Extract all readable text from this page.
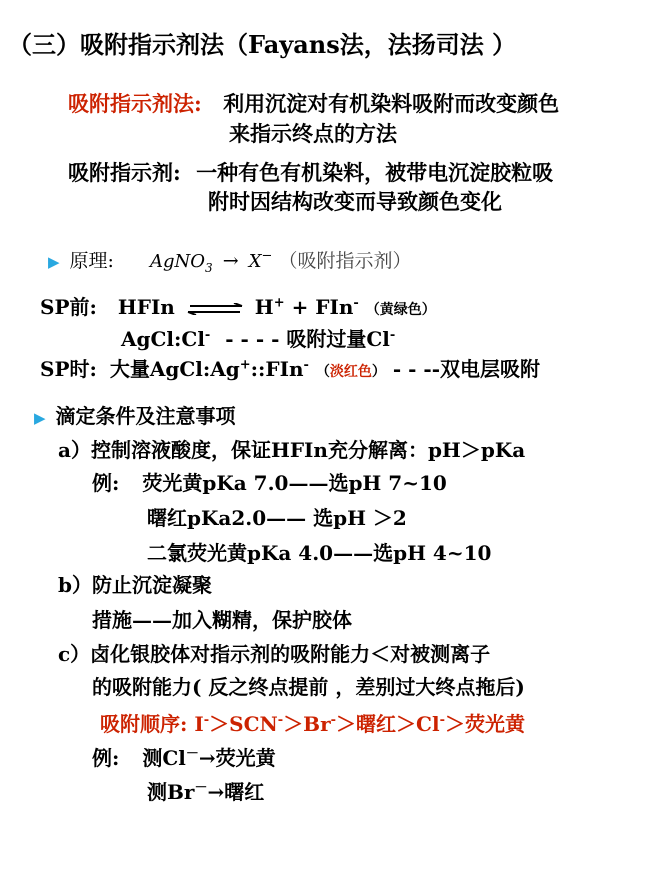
（三）吸附指示剂法（Fayans法，法扬司法 ）
吸附指示剂法: 利用沉淀对有机染料吸附而改变颜色
来指示终点的方法
吸附指示剂: 一种有色有机染料，被带电沉淀胶粒吸
附时因结构改变而导致颜色变化
▶ 原理: AgNO$_3$ → X− （吸附指示剂）
SP前: HFIn ⇌ H+ + FIn- （黄绿色）
AgCl:Cl- - - - - 吸附过量Cl-
SP时: 大量AgCl:Ag+::FIn- （淡红色） - - --双电层吸附
▶ 滴定条件及注意事项
a）控制溶液酸度，保证HFIn充分解离：pH＞pKa
例: 荧光黄pKa 7.0——选pH 7~10
曙红pKa2.0—— 选pH ＞2
二氯荧光黄pKa 4.0——选pH 4~10
b）防止沉淀凝聚
措施——加入糊精，保护胶体
c）卤化银胶体对指示剂的吸附能力＜对被测离子
的吸附能力( 反之终点提前 ，差别过大终点拖后)
吸附顺序: I-＞SCN-＞Br-＞曙红＞Cl-＞荧光黄
例: 测Cl－→荧光黄
测Br－→曙红
